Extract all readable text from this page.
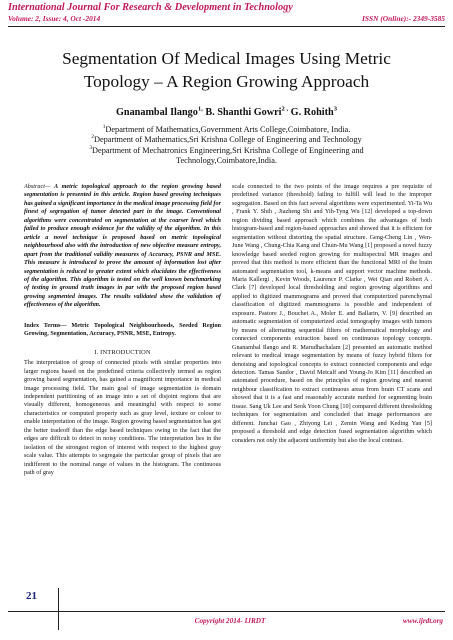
International Journal For Research & Development in Technology
Volume: 2, Issue: 4, Oct -2014	ISSN (Online):- 2349-3585
Segmentation Of Medical Images Using Metric
Topology – A Region Growing Approach
Gnanambal Ilango$^{1,}$ B. Shanthi Gowri$^{2 ,}$ G. Rohith$^3$
$^1$Department of Mathematics,Government Arts College,Coimbatore, India.
$^2$Department of Mathematics,Sri Krishna College of Engineering and Technology
$^3$Department of Mechatronics Engineering,Sri Krishna College of Engineering and
Technology,Coimbatore,India.
Abstract— A metric topological approach to the region growing based segmentation is presented in this article. Region based growing techniques has gained a significant importance in the medical image processing field for finest of segregation of tumor detected part in the image. Conventional algorithms were concentrated on segmentation at the coarser level which failed to produce enough evidence for the validity of the algorithm. In this article a novel technique is proposed based on metric topological neighbourhood also with the introduction of new objective measure entropy, apart from the traditional validity measures of Accuracy, PSNR and MSE. This measure is introduced to prove the amount of information lost after segmentation is reduced to greater extent which elucidates the effectiveness of the algorithm. This algorithm is tested on the well known benchmarking of testing in ground truth images in par with the proposed region based growing segmented images. The results validated show the validation of effectiveness of the algorithm.
Index Terms— Metric Topological Neighbourhoods, Seeded Region Growing, Segmentation, Accuracy, PSNR, MSE, Entropy.
I. INTRODUCTION
The interpretation of group of connected pixels with similar properties into larger regions based on the predefined criteria collectively termed as region growing based segmentation, has gained a magnificent importance in medical image processing field. The main goal of image segmentation is domain independent partitioning of an image into a set of disjoint regions that are visually different, homogeneous and meaningful with respect to some characteristics or computed property such as gray level, texture or colour to enable interpretation of the image. Region growing based segmentation has got the better tradeoff than the edge based techniques owing to the fact that the edges are difficult to detect in noisy conditions. The interpretation lies in the isolation of the strongest region of interest with respect to the highest gray scale value. This attempts to segregate the particular group of pixels that are indifferent to the nominal range of values in the histogram. The continuous path of gray
scale connected to the two points of the image requires a pre requisite of predefined variance (threshold) failing to fulfill will lead to the improper segregation. Based on this fact several algorithms were experimented. Yi-Ta Wu , Frank Y. Shih , Jiazheng Shi and Yih-Tyng Wu [12] developed a top-down region dividing based approach which combines the advantages of both histogram-based and region-based approaches and showed that it is efficient for segmentation without distorting the spatial structure. Geng-Cheng Lin , Wen-June Wang , Chung-Chia Kang and Chuin-Mu Wang [1] proposed a novel fuzzy knowledge based seeded region growing for multispectral MR images and proved that this method is more efficient than the functional MRI of the brain automated segmentation tool, k-means and support vector machine methods. Maria Kallergi , Kevin Woods, Laurence P. Clarke , Wei Qian and Robert A . Clark [7] developed local thresholding and region growing algorithms and applied to digitized mammograms and proved that computerized parenchymal classification of digitized mammograms is possible and independent of exposure. Pastore J., Bouchet A., Moler E. and Ballarin, V. [9] described an automatic segmentation of computerized axial tomography images with tumors by means of alternating sequential filters of mathematical morphology and connected components extraction based on continuous topology concepts. Gnanambal Ilango and R. Marudhachalam [2] presented an automatic method relevant to medical image segmentation by means of fuzzy hybrid filters for denoising and topological concepts to extract connected components and edge detection. Tamas Sandor , David Metcalf and Young-Jo Kim [11] described an automated procedure, based on the principles of region growing and nearest neighbour classification to extract continuous areas from brain CT scans and showed that it is a fast and reasonably accurate method for segmenting brain tissue. Sang Uk Lee and Seok Yoon Chung [10] compared different thresholding techniques for segmentation and concluded that image performances are different. Junchai Gao , Zhiyong Lei , Zemin Wang and Keding Yan [5] proposed a threshold and edge detection fused segmentation algorithm which considers not only the adjacent uniformity but also the local contrast.
21
Copyright 2014- IJRDT	www.ijrdt.org
